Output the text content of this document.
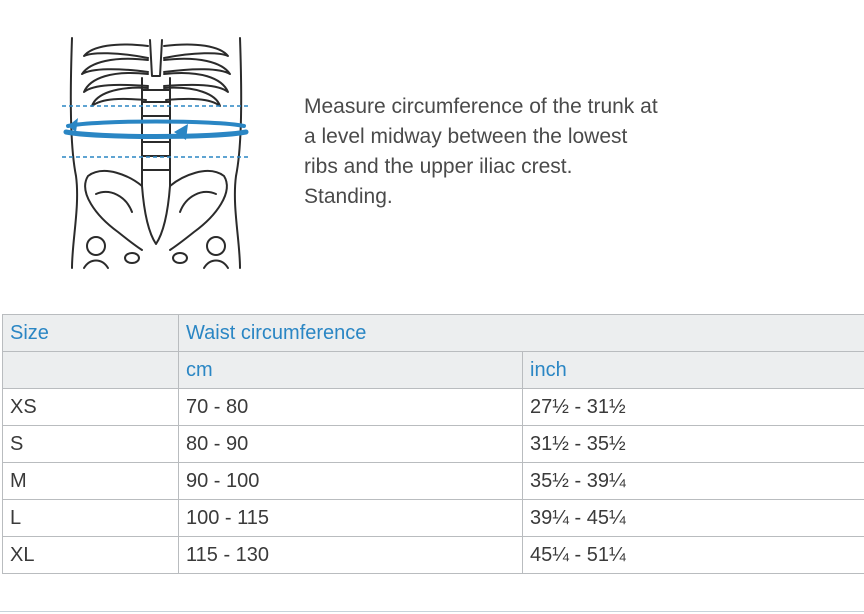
Measure circumference of the trunk at a level midway between the lowest ribs and the upper iliac crest. Standing.
Size	Waist circumference	
	cm	inch
XS	70 - 80	27½ - 31½
S	80 - 90	31½ - 35½
M	90 - 100	35½ - 39¼
L	100 - 115	39¼ - 45¼
XL	115 - 130	45¼ - 51¼
